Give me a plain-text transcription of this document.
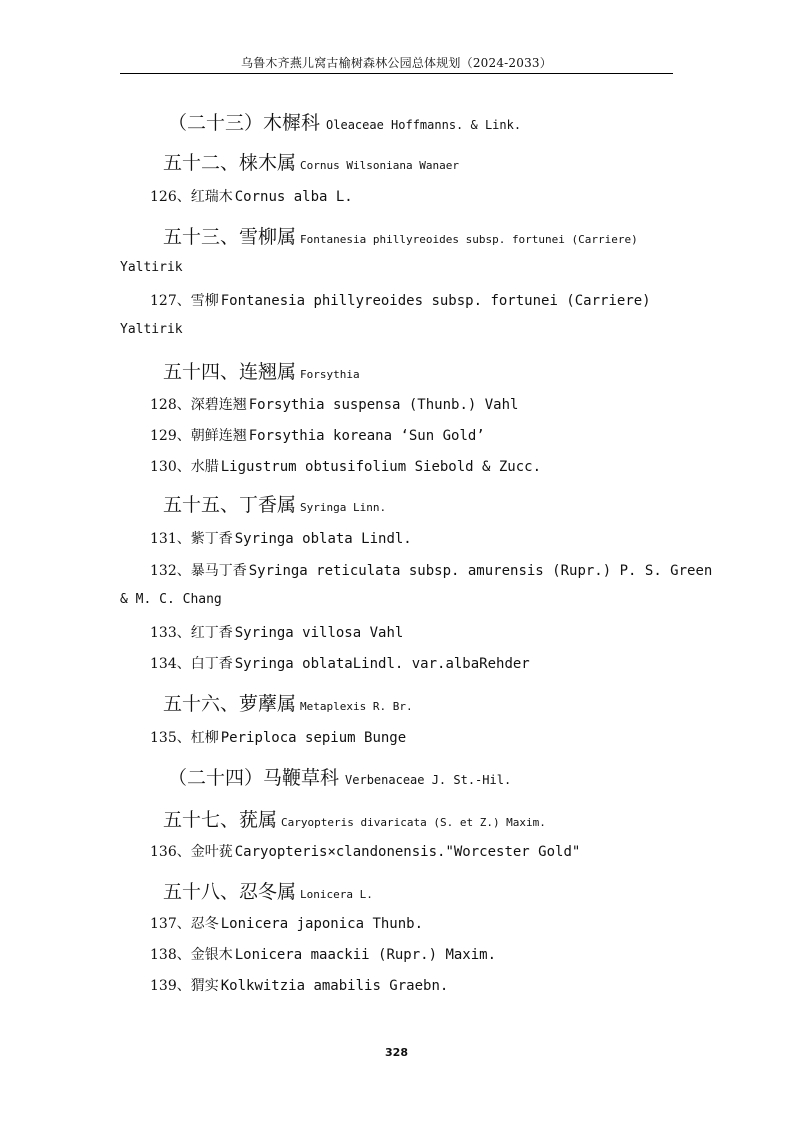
乌鲁木齐燕儿窝古榆树森林公园总体规划（2024-2033）
（二十三）木樨科 Oleaceae Hoffmanns. & Link.
五十二、梾木属 Cornus Wilsoniana Wanaer
126、红瑞木 Cornus alba L.
五十三、雪柳属 Fontanesia phillyreoides subsp. fortunei (Carriere)
Yaltirik
127、雪柳 Fontanesia phillyreoides subsp. fortunei (Carriere)
Yaltirik
五十四、连翘属 Forsythia
128、深碧连翘 Forsythia suspensa (Thunb.) Vahl
129、朝鲜连翘 Forsythia koreana ‘Sun Gold’
130、水腊 Ligustrum obtusifolium Siebold & Zucc.
五十五、丁香属 Syringa Linn.
131、紫丁香 Syringa oblata Lindl.
132、暴马丁香 Syringa reticulata subsp. amurensis (Rupr.) P. S. Green
& M. C. Chang
133、红丁香 Syringa villosa Vahl
134、白丁香 Syringa oblataLindl. var.albaRehder
五十六、萝藦属 Metaplexis R. Br.
135、杠柳 Periploca sepium Bunge
（二十四）马鞭草科 Verbenaceae J. St.-Hil.
五十七、莸属 Caryopteris divaricata (S. et Z.) Maxim.
136、金叶莸 Caryopteris×clandonensis."Worcester Gold"
五十八、忍冬属 Lonicera L.
137、忍冬 Lonicera japonica Thunb.
138、金银木 Lonicera maackii (Rupr.) Maxim.
139、猬实 Kolkwitzia amabilis Graebn.
328
